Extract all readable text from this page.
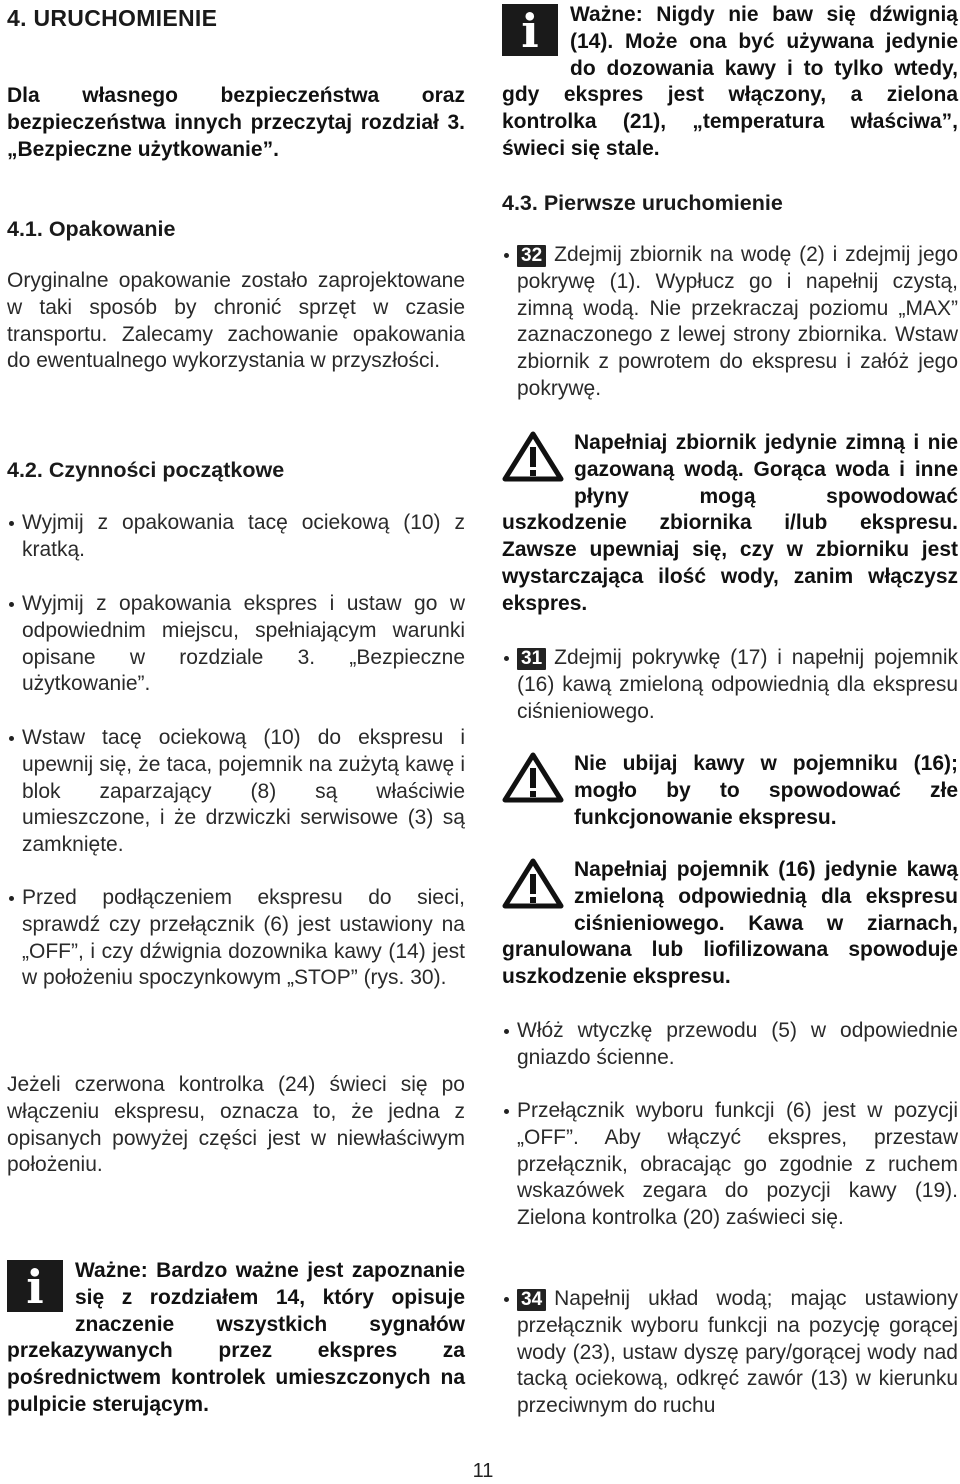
4. URUCHOMIENIE

Dla własnego bezpieczeństwa oraz bezpieczeństwa innych przeczytaj rozdział 3. „Bezpieczne użytkowanie”.

4.1. Opakowanie

Oryginalne opakowanie zostało zaprojektowane w taki sposób by chronić sprzęt w czasie transportu. Zalecamy zachowanie opakowania do ewentualnego wykorzystania w przyszłości.

4.2. Czynności początkowe
Wyjmij z opakowania tacę ociekową (10) z kratką.
Wyjmij z opakowania ekspres i ustaw go w odpowiednim miejscu, spełniającym warunki opisane w rozdziale 3. „Bezpieczne użytkowanie”.
Wstaw tacę ociekową (10) do ekspresu i upewnij się, że taca, pojemnik na zużytą kawę i blok zaparzający (8) są właściwie umieszczone, i że drzwiczki serwisowe (3) są zamknięte.
Przed podłączeniem ekspresu do sieci, sprawdź czy przełącznik (6) jest ustawiony na „OFF”, i czy dźwignia dozownika kawy (14) jest w położeniu spoczynkowym „STOP” (rys. 30).

Jeżeli czerwona kontrolka (24) świeci się po włączeniu ekspresu, oznacza to, że jedna z opisanych powyżej części jest w niewłaściwym położeniu.

i	Ważne: Bardzo ważne jest zapoznanie się z rozdziałem 14, który opisuje znaczenie wszystkich sygnałów przekazywanych przez ekspres za pośrednictwem kontrolek umieszczonych na pulpicie sterującym.

i	Ważne: Nigdy nie baw się dźwignią (14). Może ona być używana jedynie do dozowania kawy i to tylko wtedy, gdy ekspres jest włączony, a zielona kontrolka (21), „temperatura właściwa”, świeci się stale.

4.3. Pierwsze uruchomienie
32 Zdejmij zbiornik na wodę (2) i zdejmij jego pokrywę (1). Wypłucz go i napełnij czystą, zimną wodą. Nie przekraczaj poziomu „MAX” zaznaczonego z lewej strony zbiornika. Wstaw zbiornik z powrotem do ekspresu i załóż jego pokrywę.

Napełniaj zbiornik jedynie zimną i nie gazowaną wodą. Gorąca woda i inne płyny mogą spowodować uszkodzenie zbiornika i/lub ekspresu. Zawsze upewniaj się, czy w zbiorniku jest wystarczająca ilość wody, zanim włączysz ekspres.

31 Zdejmij pokrywkę (17) i napełnij pojemnik (16) kawą zmieloną odpowiednią dla ekspresu ciśnieniowego.

Nie ubijaj kawy w pojemniku (16); mogło by to spowodować złe funkcjonowanie ekspresu.

Napełniaj pojemnik (16) jedynie kawą zmieloną odpowiednią dla ekspresu ciśnieniowego. Kawa w ziarnach, granulowana lub liofilizowana spowoduje uszkodzenie ekspresu.

Włóż wtyczkę przewodu (5) w odpowiednie gniazdo ścienne.
Przełącznik wyboru funkcji (6) jest w pozycji „OFF”. Aby włączyć ekspres, przestaw przełącznik, obracając go zgodnie z ruchem wskazówek zegara do pozycji kawy (19). Zielona kontrolka (20) zaświeci się.
34 Napełnij układ wodą; mając ustawiony przełącznik wyboru funkcji na pozycję gorącej wody (23), ustaw dyszę pary/gorącej wody nad tacką ociekową, odkręć zawór (13) w kierunku przeciwnym do ruchu
11
